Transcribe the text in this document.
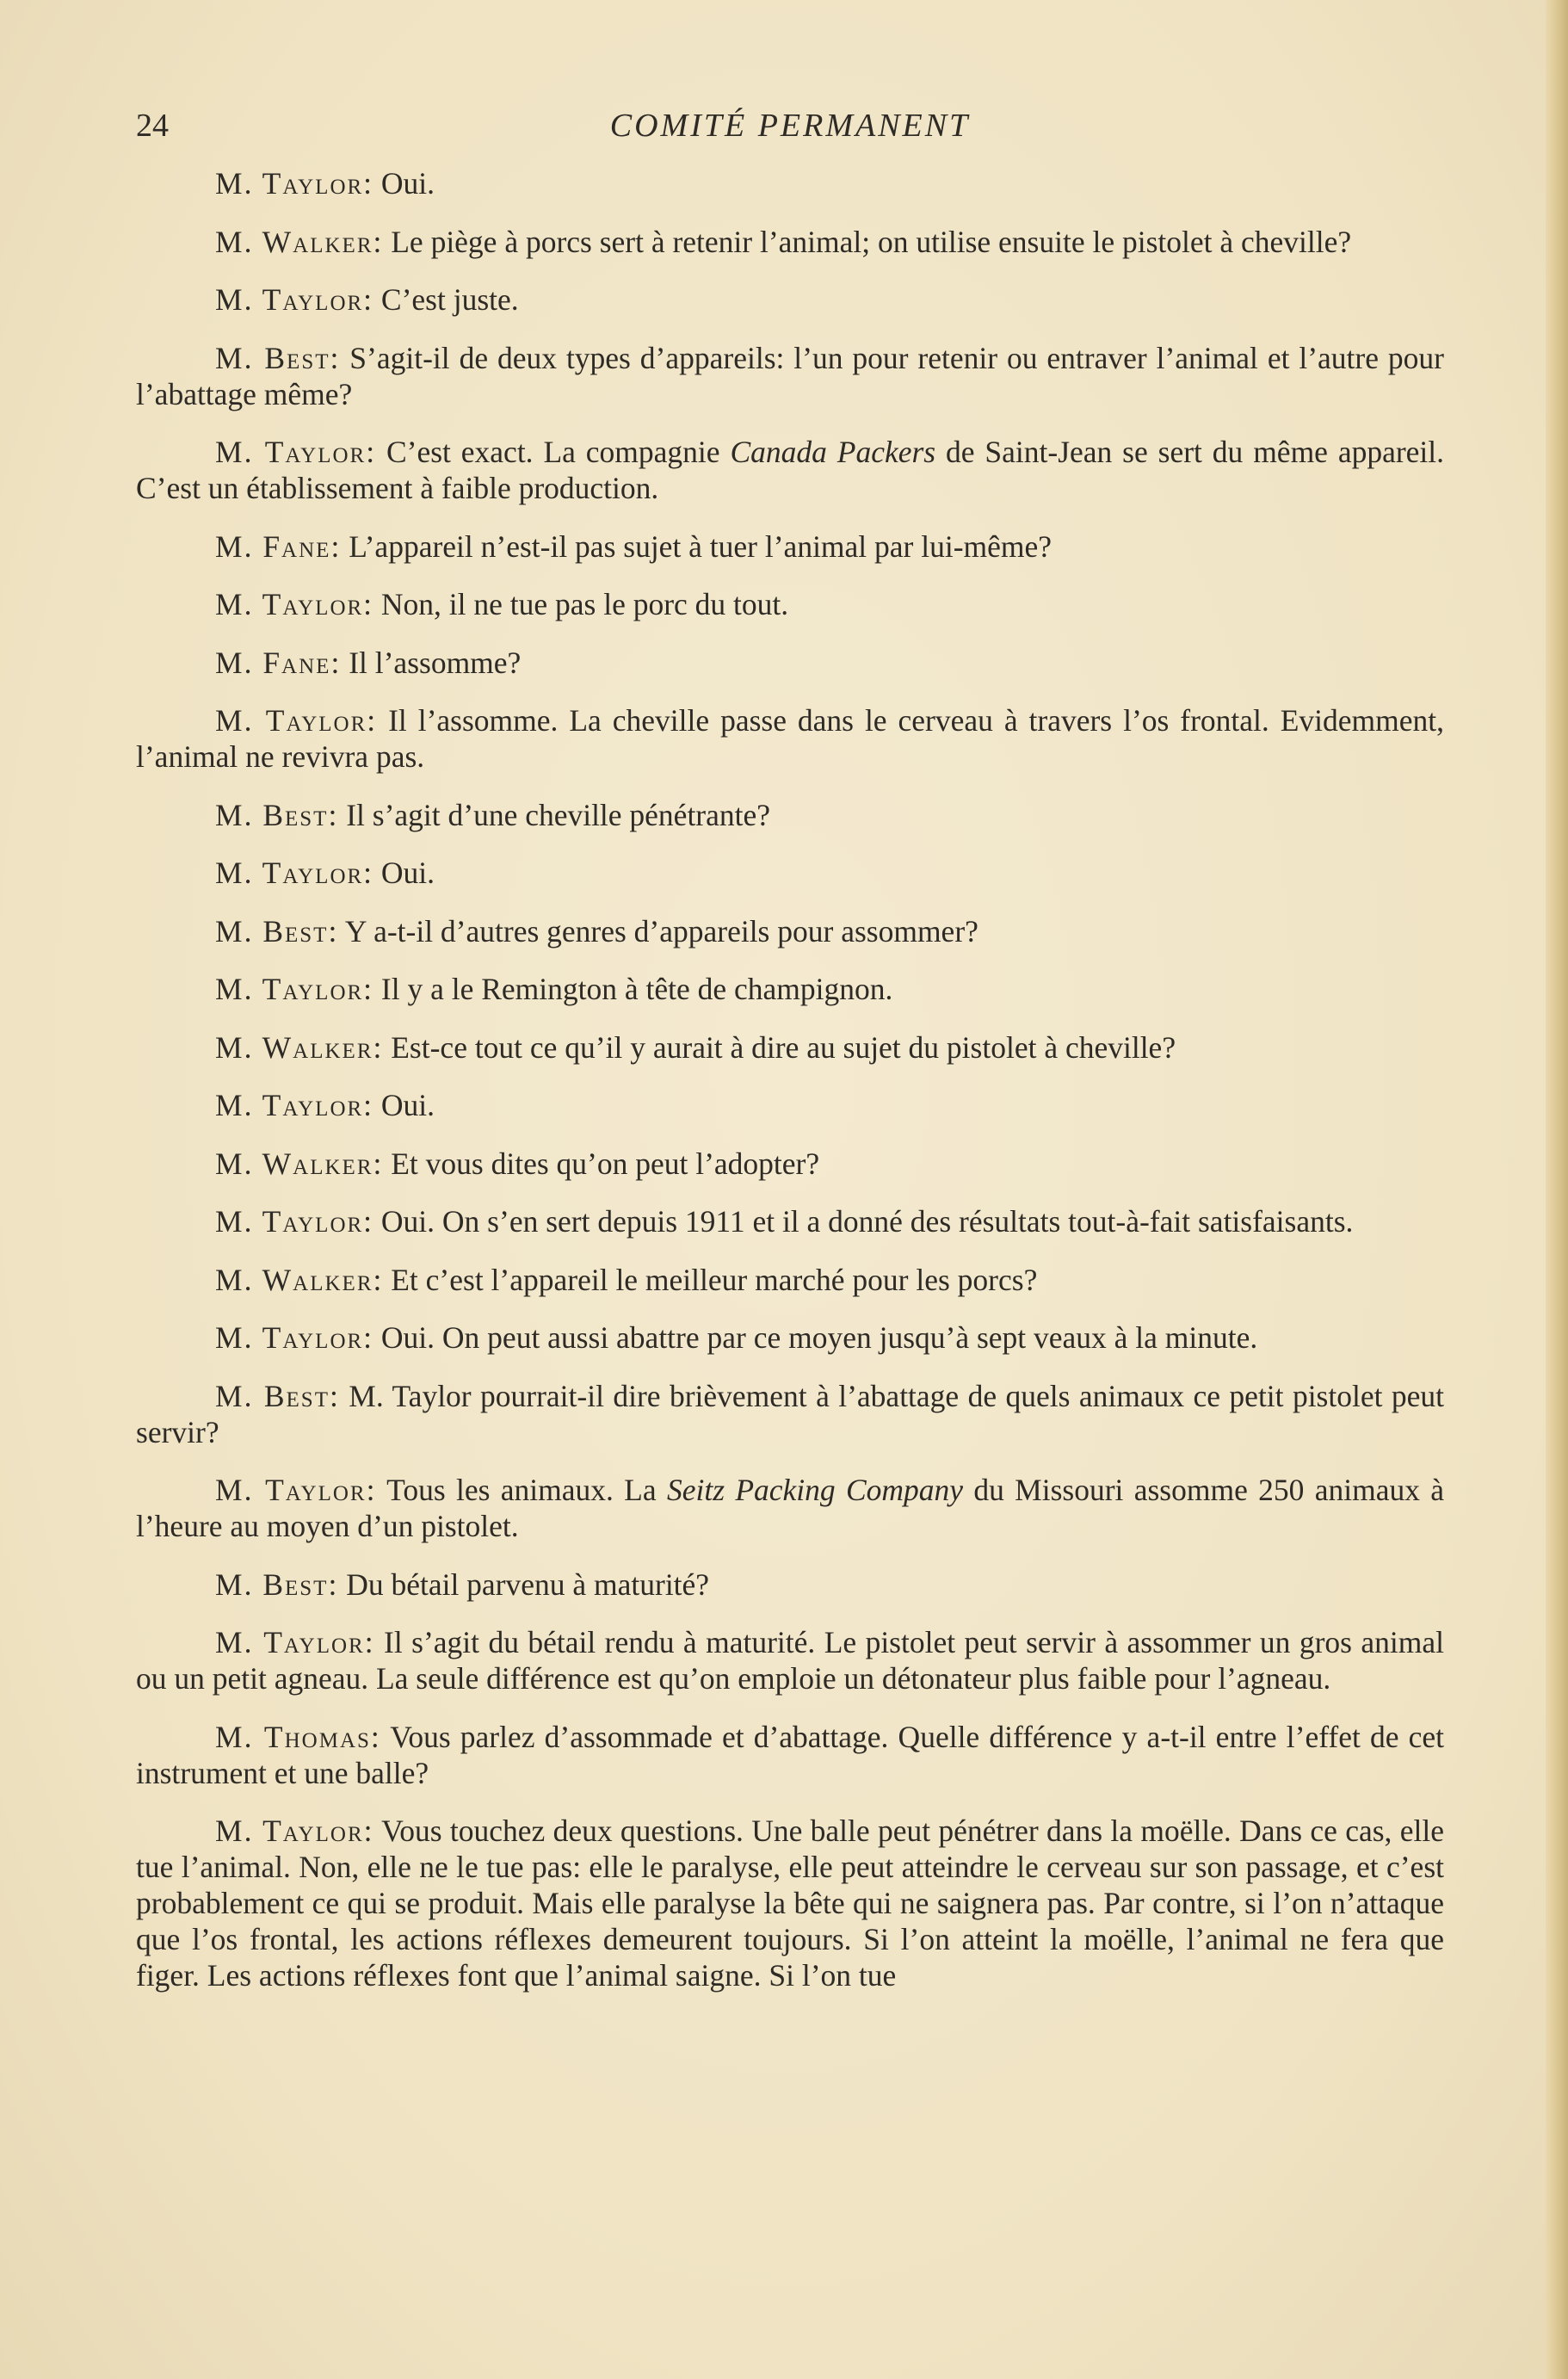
24	COMITÉ PERMANENT

M. Taylor: Oui.

M. Walker: Le piège à porcs sert à retenir l’animal; on utilise ensuite le pistolet à cheville?

M. Taylor: C’est juste.

M. Best: S’agit-il de deux types d’appareils: l’un pour retenir ou entraver l’animal et l’autre pour l’abattage même?

M. Taylor: C’est exact. La compagnie Canada Packers de Saint-Jean se sert du même appareil. C’est un établissement à faible production.

M. Fane: L’appareil n’est-il pas sujet à tuer l’animal par lui-même?

M. Taylor: Non, il ne tue pas le porc du tout.

M. Fane: Il l’assomme?

M. Taylor: Il l’assomme. La cheville passe dans le cerveau à travers l’os frontal. Evidemment, l’animal ne revivra pas.

M. Best: Il s’agit d’une cheville pénétrante?

M. Taylor: Oui.

M. Best: Y a-t-il d’autres genres d’appareils pour assommer?

M. Taylor: Il y a le Remington à tête de champignon.

M. Walker: Est-ce tout ce qu’il y aurait à dire au sujet du pistolet à cheville?

M. Taylor: Oui.

M. Walker: Et vous dites qu’on peut l’adopter?

M. Taylor: Oui. On s’en sert depuis 1911 et il a donné des résultats tout-à-fait satisfaisants.

M. Walker: Et c’est l’appareil le meilleur marché pour les porcs?

M. Taylor: Oui. On peut aussi abattre par ce moyen jusqu’à sept veaux à la minute.

M. Best: M. Taylor pourrait-il dire brièvement à l’abattage de quels animaux ce petit pistolet peut servir?

M. Taylor: Tous les animaux. La Seitz Packing Company du Missouri assomme 250 animaux à l’heure au moyen d’un pistolet.

M. Best: Du bétail parvenu à maturité?

M. Taylor: Il s’agit du bétail rendu à maturité. Le pistolet peut servir à assommer un gros animal ou un petit agneau. La seule différence est qu’on emploie un détonateur plus faible pour l’agneau.

M. Thomas: Vous parlez d’assommade et d’abattage. Quelle différence y a-t-il entre l’effet de cet instrument et une balle?

M. Taylor: Vous touchez deux questions. Une balle peut pénétrer dans la moëlle. Dans ce cas, elle tue l’animal. Non, elle ne le tue pas: elle le paralyse, elle peut atteindre le cerveau sur son passage, et c’est probablement ce qui se produit. Mais elle paralyse la bête qui ne saignera pas. Par contre, si l’on n’attaque que l’os frontal, les actions réflexes demeurent toujours. Si l’on atteint la moëlle, l’animal ne fera que figer. Les actions réflexes font que l’animal saigne. Si l’on tue
